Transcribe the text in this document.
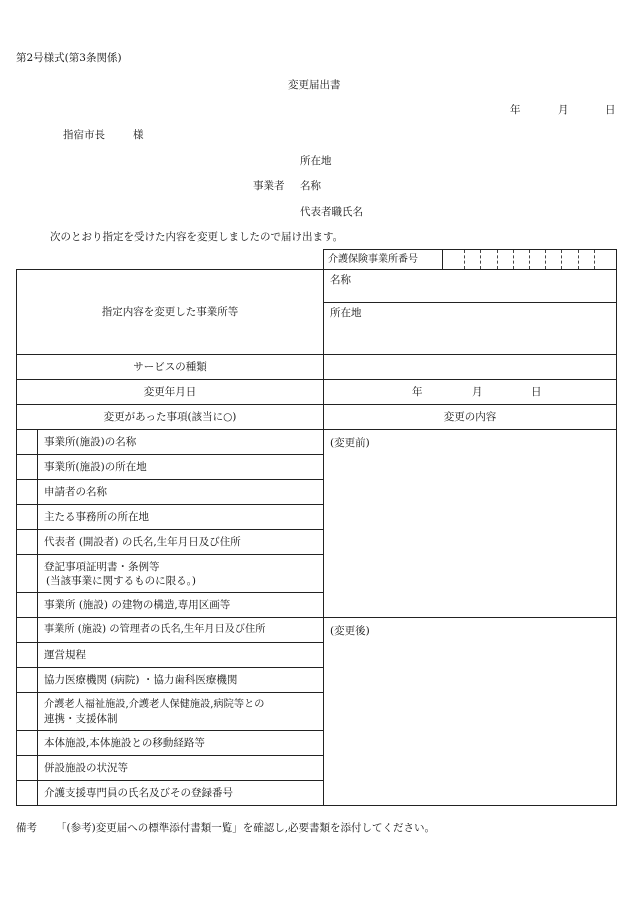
第2号様式(第3条関係)
変更届出書
年	月	日
指宿市長	様
所在地
事業者 名称
代表者職氏名
次のとおり指定を受けた内容を変更しましたので届け出ます。
		介護保険事業所番号	

指定内容を変更した事業所等		名称	
		所在地	
サービスの種類			
変更年月日		年 月 日	

変更があった事項(該当に○)		変更の内容	
	事業所(施設)の名称	(変更前)	
	事業所(施設)の所在地		
	申請者の名称		
	主たる事務所の所在地		
	代表者 (開設者) の氏名,生年月日及び住所		

	登記事項証明書・条例等
(当該事業に関するものに限る。)		

	事業所 (施設) の建物の構造,専用区画等		
	事業所 (施設) の管理者の氏名,生年月日及び住所	(変更後)	
	運営規程		
	協力医療機関 (病院) ・協力歯科医療機関		

	介護老人福祉施設,介護老人保健施設,病院等との
連携・支援体制		

	本体施設,本体施設との移動経路等		
	併設施設の状況等		
	介護支援専門員の氏名及びその登録番号		
備考 「(参考)変更届への標準添付書類一覧」を確認し,必要書類を添付してください。
